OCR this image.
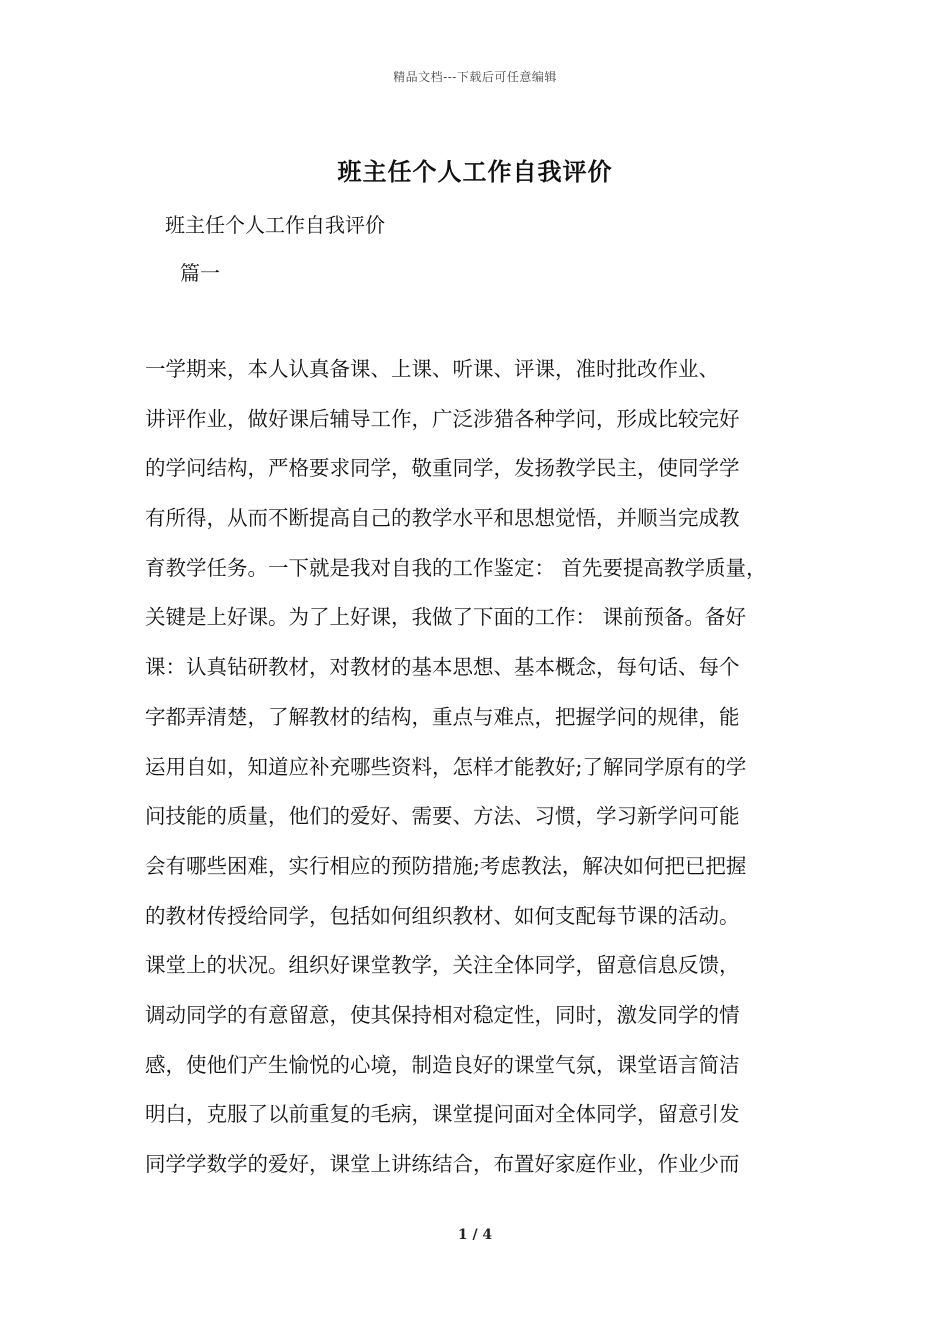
精品文档---下载后可任意编辑
班主任个人工作自我评价
班主任个人工作自我评价
篇一
一学期来，本人认真备课、上课、听课、评课，准时批改作业、
讲评作业，做好课后辅导工作，广泛涉猎各种学问，形成比较完好
的学问结构，严格要求同学，敬重同学，发扬教学民主，使同学学
有所得，从而不断提高自己的教学水平和思想觉悟，并顺当完成教
育教学任务。一下就是我对自我的工作鉴定： 首先要提高教学质量，
关键是上好课。为了上好课，我做了下面的工作： 课前预备。备好
课：认真钻研教材，对教材的基本思想、基本概念，每句话、每个
字都弄清楚，了解教材的结构，重点与难点，把握学问的规律，能
运用自如，知道应补充哪些资料，怎样才能教好;了解同学原有的学
问技能的质量，他们的爱好、需要、方法、习惯，学习新学问可能
会有哪些困难，实行相应的预防措施;考虑教法，解决如何把已把握
的教材传授给同学，包括如何组织教材、如何支配每节课的活动。
课堂上的状况。组织好课堂教学，关注全体同学，留意信息反馈，
调动同学的有意留意，使其保持相对稳定性，同时，激发同学的情
感，使他们产生愉悦的心境，制造良好的课堂气氛，课堂语言简洁
明白，克服了以前重复的毛病，课堂提问面对全体同学，留意引发
同学学数学的爱好，课堂上讲练结合，布置好家庭作业，作业少而
1 / 4
